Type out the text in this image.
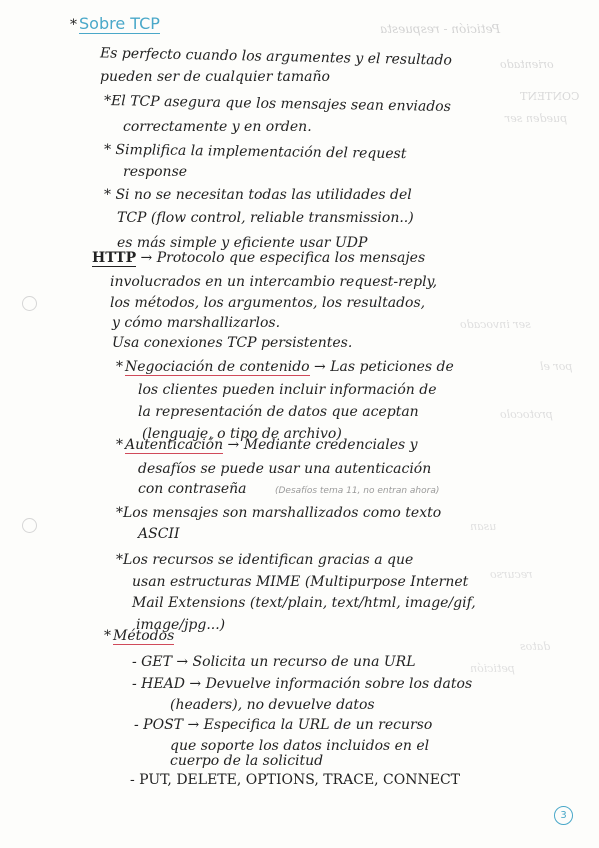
Petición - respuesta
orientado
CONTENT
pueden ser
ser invocado
por el
protocolo
usan
recurso
datos
petición
* Sobre TCP
Es perfecto cuando los argumentes y el resultado
pueden ser de cualquier tamaño
*El TCP asegura que los mensajes sean enviados
correctamente y en orden.
* Simplifica la implementación del request
response
* Si no se necesitan todas las utilidades del
TCP (flow control, reliable transmission..)
es más simple y eficiente usar UDP
HTTP → Protocolo que especifica los mensajes
involucrados en un intercambio request-reply,
los métodos, los argumentos, los resultados,
y cómo marshallizarlos.
Usa conexiones TCP persistentes.
* Negociación de contenido → Las peticiones de
los clientes pueden incluir información de
la representación de datos que aceptan
(lenguaje, o tipo de archivo)
* Autenticación → Mediante credenciales y
desafíos se puede usar una autenticación
con contraseña	(Desafíos tema 11, no entran ahora)
*Los mensajes son marshallizados como texto
ASCII
*Los recursos se identifican gracias a que
usan estructuras MIME (Multipurpose Internet
Mail Extensions (text/plain, text/html, image/gif,
image/jpg...)
* Métodos
- GET → Solicita un recurso de una URL
- HEAD → Devuelve información sobre los datos
(headers), no devuelve datos
- POST → Especifica la URL de un recurso
que soporte los datos incluidos en el
cuerpo de la solicitud
- PUT, DELETE, OPTIONS, TRACE, CONNECT
3
